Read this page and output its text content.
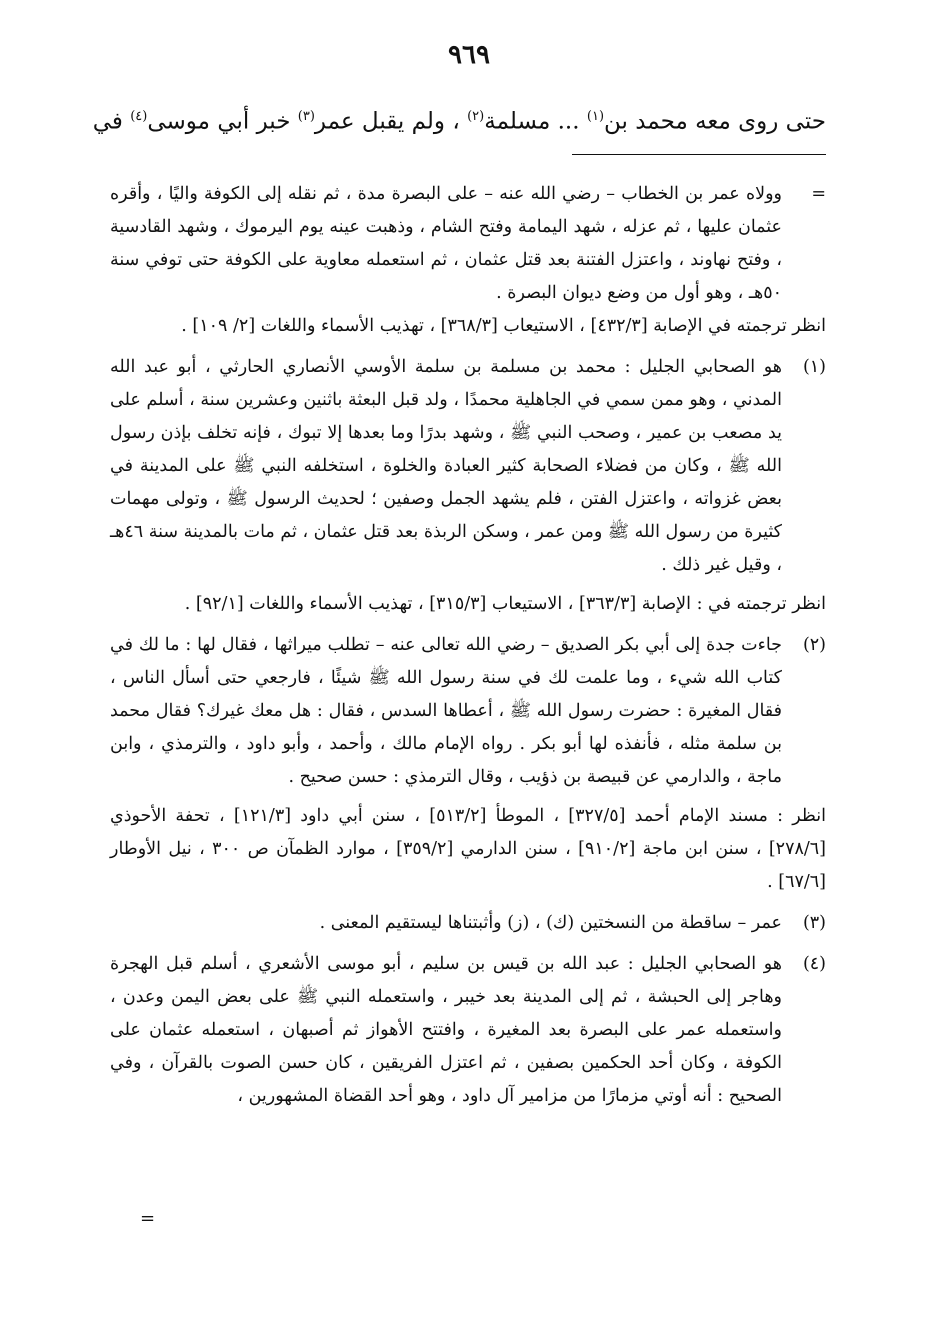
٩٦٩
حتى روى معه محمد بن$^{(١)}$ ... مسلمة$^{(٢)}$ ، ولم يقبل عمر$^{(٣)}$ خبر أبي موسى$^{(٤)}$ في
=
وولاه عمر بن الخطاب – رضي الله عنه – على البصرة مدة ، ثم نقله إلى الكوفة واليًا ، وأقره عثمان عليها ، ثم عزله ، شهد اليمامة وفتح الشام ، وذهبت عينه يوم اليرموك ، وشهد القادسية ، وفتح نهاوند ، واعتزل الفتنة بعد قتل عثمان ، ثم استعمله معاوية على الكوفة حتى توفي سنة ٥٠هـ ، وهو أول من وضع ديوان البصرة .
انظر ترجمته في الإصابة [٤٣٢/٣] ، الاستيعاب [٣٦٨/٣] ، تهذيب الأسماء واللغات [٢/ ١٠٩] .
(١)
هو الصحابي الجليل : محمد بن مسلمة بن سلمة الأوسي الأنصاري الحارثي ، أبو عبد الله المدني ، وهو ممن سمي في الجاهلية محمدًا ، ولد قبل البعثة باثنين وعشرين سنة ، أسلم على يد مصعب بن عمير ، وصحب النبي ﷺ ، وشهد بدرًا وما بعدها إلا تبوك ، فإنه تخلف بإذن رسول الله ﷺ ، وكان من فضلاء الصحابة كثير العبادة والخلوة ، استخلفه النبي ﷺ على المدينة في بعض غزواته ، واعتزل الفتن ، فلم يشهد الجمل وصفين ؛ لحديث الرسول ﷺ ، وتولى مهمات كثيرة من رسول الله ﷺ ومن عمر ، وسكن الربذة بعد قتل عثمان ، ثم مات بالمدينة سنة ٤٦هـ ، وقيل غير ذلك .
انظر ترجمته في : الإصابة [٣٦٣/٣] ، الاستيعاب [٣١٥/٣] ، تهذيب الأسماء واللغات [٩٢/١] .
(٢)
جاءت جدة إلى أبي بكر الصديق – رضي الله تعالى عنه – تطلب ميراثها ، فقال لها : ما لك في كتاب الله شيء ، وما علمت لك في سنة رسول الله ﷺ شيئًا ، فارجعي حتى أسأل الناس ، فقال المغيرة : حضرت رسول الله ﷺ ، أعطاها السدس ، فقال : هل معك غيرك؟ فقال محمد بن سلمة مثله ، فأنفذه لها أبو بكر . رواه الإمام مالك ، وأحمد ، وأبو داود ، والترمذي ، وابن ماجة ، والدارمي عن قبيصة بن ذؤيب ، وقال الترمذي : حسن صحيح .
انظر : مسند الإمام أحمد [٣٢٧/٥] ، الموطأ [٥١٣/٢] ، سنن أبي داود [١٢١/٣] ، تحفة الأحوذي [٢٧٨/٦] ، سنن ابن ماجة [٩١٠/٢] ، سنن الدارمي [٣٥٩/٢] ، موارد الظمآن ص ٣٠٠ ، نيل الأوطار [٦٧/٦] .
(٣)
عمر – ساقطة من النسختين (ك) ، (ز) وأثبتناها ليستقيم المعنى .
(٤)
هو الصحابي الجليل : عبد الله بن قيس بن سليم ، أبو موسى الأشعري ، أسلم قبل الهجرة وهاجر إلى الحبشة ، ثم إلى المدينة بعد خيبر ، واستعمله النبي ﷺ على بعض اليمن وعدن ، واستعمله عمر على البصرة بعد المغيرة ، وافتتح الأهواز ثم أصبهان ، استعمله عثمان على الكوفة ، وكان أحد الحكمين بصفين ، ثم اعتزل الفريقين ، كان حسن الصوت بالقرآن ، وفي الصحيح : أنه أوتي مزمارًا من مزامير آل داود ، وهو أحد القضاة المشهورين ،
=
